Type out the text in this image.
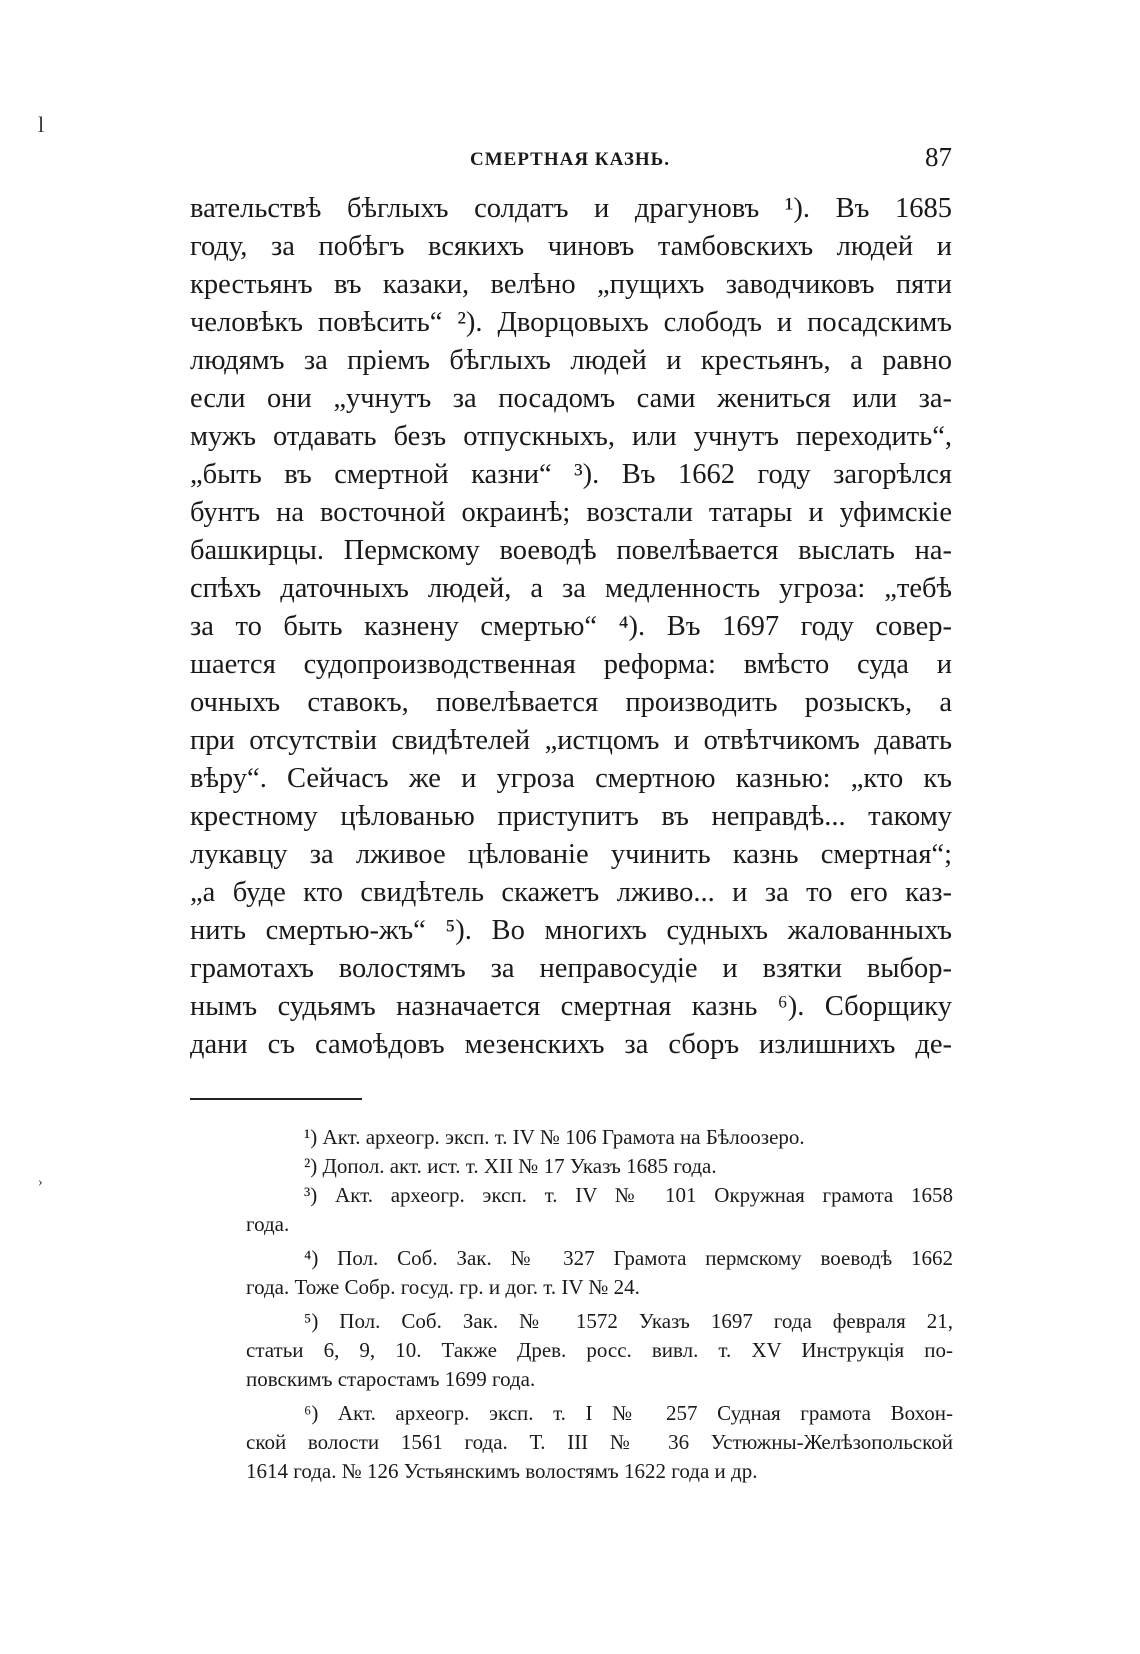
l
›
СМЕРТНАЯ КАЗНЬ.	87
вательствѣ бѣглыхъ солдатъ и драгуновъ ¹). Въ 1685
году, за побѣгъ всякихъ чиновъ тамбовскихъ людей и
крестьянъ въ казаки, велѣно „пущихъ заводчиковъ пяти
человѣкъ повѣсить“ ²). Дворцовыхъ слободъ и посадскимъ
людямъ за пріемъ бѣглыхъ людей и крестьянъ, а равно
если они „учнутъ за посадомъ сами жениться или за-
мужъ отдавать безъ отпускныхъ, или учнутъ переходить“,
„быть въ смертной казни“ ³). Въ 1662 году загорѣлся
бунтъ на восточной окраинѣ; возстали татары и уфимскіе
башкирцы. Пермскому воеводѣ повелѣвается выслать на-
спѣхъ даточныхъ людей, а за медленность угроза: „тебѣ
за то быть казнену смертью“ ⁴). Въ 1697 году совер-
шается судопроизводственная реформа: вмѣсто суда и
очныхъ ставокъ, повелѣвается производить розыскъ, а
при отсутствіи свидѣтелей „истцомъ и отвѣтчикомъ давать
вѣру“. Сейчасъ же и угроза смертною казнью: „кто къ
крестному цѣлованью приступитъ въ неправдѣ... такому
лукавцу за лживое цѣлованіе учинить казнь смертная“;
„а буде кто свидѣтель скажетъ лживо... и за то его каз-
нить смертью-жъ“ ⁵). Во многихъ судныхъ жалованныхъ
грамотахъ волостямъ за неправосудіе и взятки выбор-
нымъ судьямъ назначается смертная казнь ⁶). Сборщику
дани съ самоѣдовъ мезенскихъ за сборъ излишнихъ де-
¹) Акт. археогр. эксп. т. IV № 106 Грамота на Бѣлоозеро.
²) Допол. акт. ист. т. XII № 17 Указъ 1685 года.
³) Акт. археогр. эксп. т. IV № 101 Окружная грамота 1658
года.
⁴) Пол. Соб. Зак. № 327 Грамота пермскому воеводѣ 1662
года. Тоже Собр. госуд. гр. и дог. т. IV № 24.
⁵) Пол. Соб. Зак. № 1572 Указъ 1697 года февраля 21,
статьи 6, 9, 10. Также Древ. росс. вивл. т. XV Инструкція по-
повскимъ старостамъ 1699 года.
⁶) Акт. археогр. эксп. т. I № 257 Судная грамота Вохон-
ской волости 1561 года. Т. III № 36 Устюжны-Желѣзопольской
1614 года. № 126 Устьянскимъ волостямъ 1622 года и др.
